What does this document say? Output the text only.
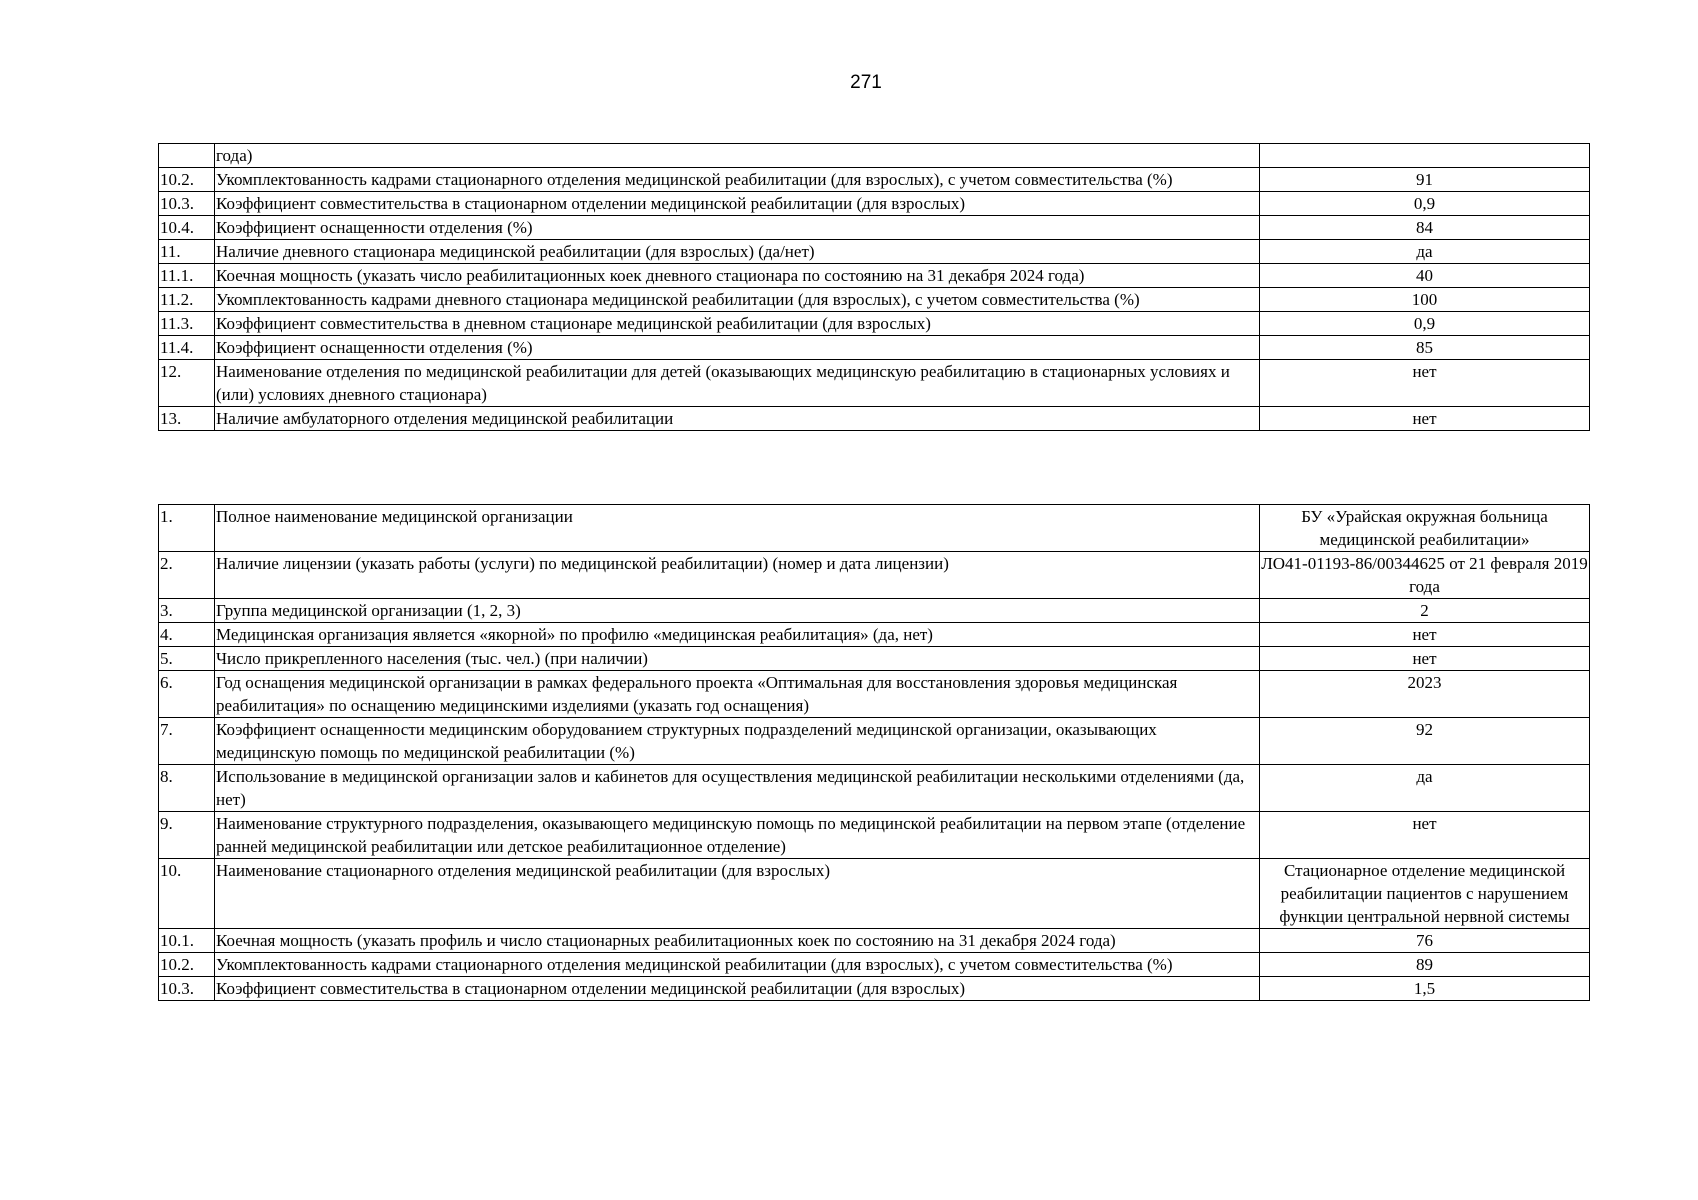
271
	года)	
10.2.	Укомплектованность кадрами стационарного отделения медицинской реабилитации (для взрослых), с учетом совместительства (%)	91
10.3.	Коэффициент совместительства в стационарном отделении медицинской реабилитации (для взрослых)	0,9
10.4.	Коэффициент оснащенности отделения (%)	84
11.	Наличие дневного стационара медицинской реабилитации (для взрослых) (да/нет)	да
11.1.	Коечная мощность (указать число реабилитационных коек дневного стационара по состоянию на 31 декабря 2024 года)	40
11.2.	Укомплектованность кадрами дневного стационара медицинской реабилитации (для взрослых), с учетом совместительства (%)	100
11.3.	Коэффициент совместительства в дневном стационаре медицинской реабилитации (для взрослых)	0,9
11.4.	Коэффициент оснащенности отделения (%)	85
12.	Наименование отделения по медицинской реабилитации для детей (оказывающих медицинскую реабилитацию в стационарных условиях и (или) условиях дневного стационара)	нет
13.	Наличие амбулаторного отделения медицинской реабилитации	нет
1.	Полное наименование медицинской организации	БУ «Урайская окружная больница медицинской реабилитации»
2.	Наличие лицензии (указать работы (услуги) по медицинской реабилитации) (номер и дата лицензии)	ЛО41-01193-86/00344625 от 21 февраля 2019 года
3.	Группа медицинской организации (1, 2, 3)	2
4.	Медицинская организация является «якорной» по профилю «медицинская реабилитация» (да, нет)	нет
5.	Число прикрепленного населения (тыс. чел.) (при наличии)	нет
6.	Год оснащения медицинской организации в рамках федерального проекта «Оптимальная для восстановления здоровья медицинская реабилитация» по оснащению медицинскими изделиями (указать год оснащения)	2023
7.	Коэффициент оснащенности медицинским оборудованием структурных подразделений медицинской организации, оказывающих медицинскую помощь по медицинской реабилитации (%)	92
8.	Использование в медицинской организации залов и кабинетов для осуществления медицинской реабилитации несколькими отделениями (да, нет)	да
9.	Наименование структурного подразделения, оказывающего медицинскую помощь по медицинской реабилитации на первом этапе (отделение ранней медицинской реабилитации или детское реабилитационное отделение)	нет
10.	Наименование стационарного отделения медицинской реабилитации (для взрослых)	Стационарное отделение медицинской реабилитации пациентов с нарушением функции центральной нервной системы
10.1.	Коечная мощность (указать профиль и число стационарных реабилитационных коек по состоянию на 31 декабря 2024 года)	76
10.2.	Укомплектованность кадрами стационарного отделения медицинской реабилитации (для взрослых), с учетом совместительства (%)	89
10.3.	Коэффициент совместительства в стационарном отделении медицинской реабилитации (для взрослых)	1,5
